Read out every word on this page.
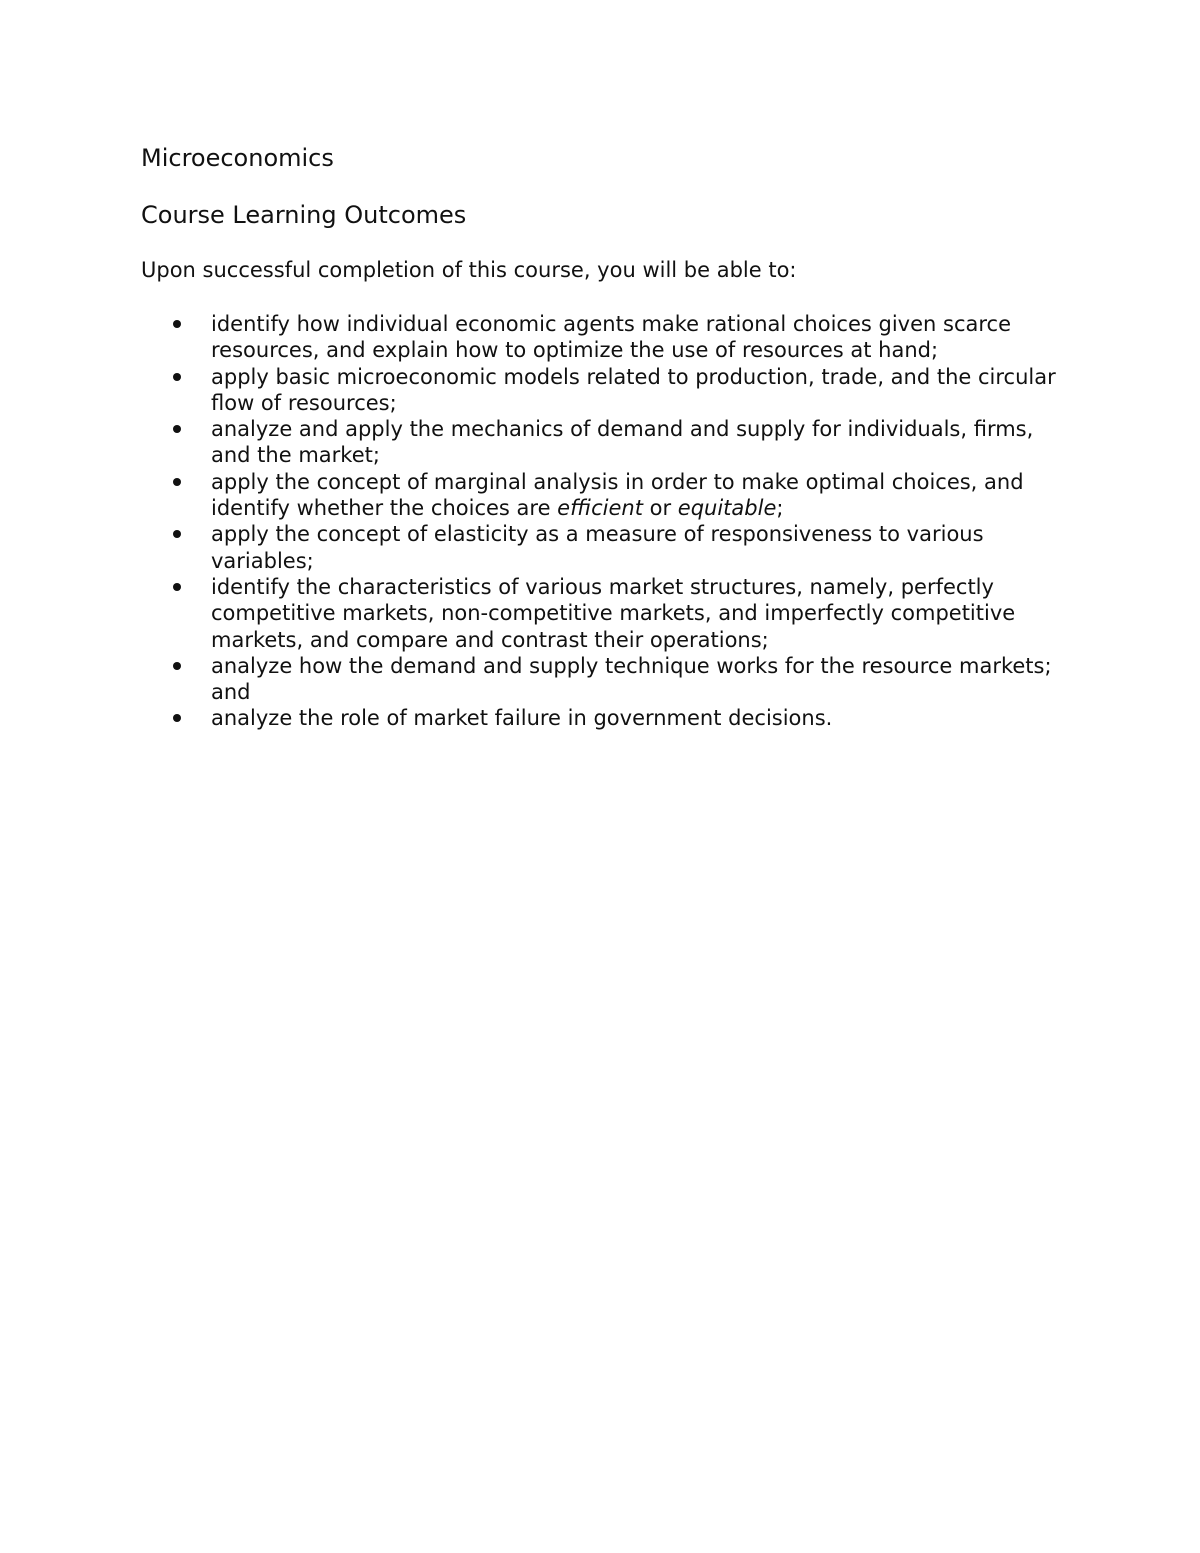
Microeconomics
Course Learning Outcomes

Upon successful completion of this course, you will be able to:

identify how individual economic agents make rational choices given scarce resources, and explain how to optimize the use of resources at hand;
apply basic microeconomic models related to production, trade, and the circular flow of resources;
analyze and apply the mechanics of demand and supply for individuals, firms, and the market;
apply the concept of marginal analysis in order to make optimal choices, and identify whether the choices are efficient or equitable;
apply the concept of elasticity as a measure of responsiveness to various variables;
identify the characteristics of various market structures, namely, perfectly competitive markets, non-competitive markets, and imperfectly competitive markets, and compare and contrast their operations;
analyze how the demand and supply technique works for the resource markets; and
analyze the role of market failure in government decisions.
